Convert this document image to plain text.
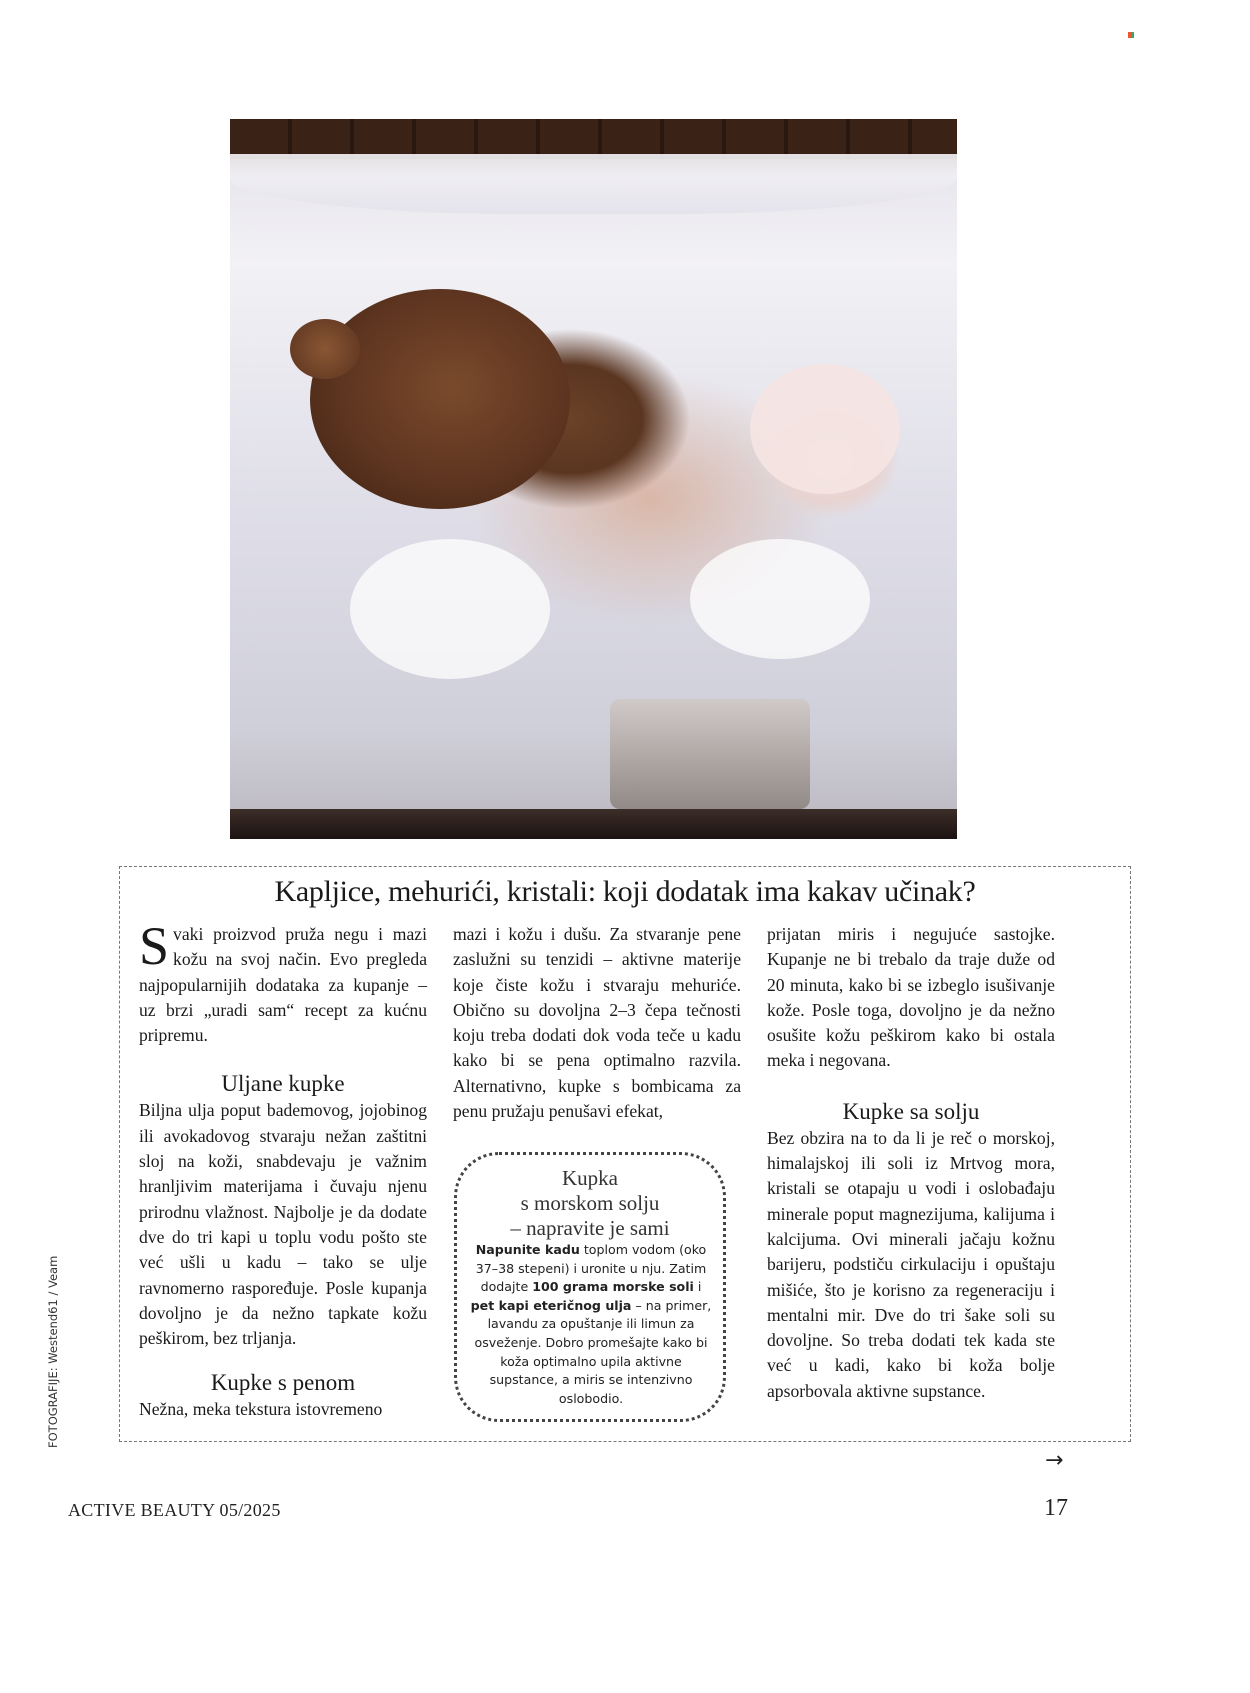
Kapljice, mehurići, kristali: koji dodatak ima kakav učinak?

Svaki proizvod pruža negu i mazi kožu na svoj način. Evo pregleda najpopularnijih dodataka za kupanje – uz brzi „uradi sam“ recept za kućnu pripremu.

Uljane kupke

Biljna ulja poput bademovog, jojobinog ili avokadovog stvaraju nežan zaštitni sloj na koži, snabdevaju je važnim hranljivim materijama i čuvaju njenu prirodnu vlažnost. Najbolje je da dodate dve do tri kapi u toplu vodu pošto ste već ušli u kadu – tako se ulje ravnomerno raspoređuje. Posle kupanja dovoljno je da nežno tapkate kožu peškirom, bez trljanja.

Kupke s penom

Nežna, meka tekstura istovremeno

mazi i kožu i dušu. Za stvaranje pene zaslužni su tenzidi – aktivne materije koje čiste kožu i stvaraju mehuriće. Obično su dovoljna 2–3 čepa tečnosti koju treba dodati dok voda teče u kadu kako bi se pena optimalno razvila. Alternativno, kupke s bombicama za penu pružaju penušavi efekat,

Kupka
s morskom solju
– napravite je sami
Napunite kadu toplom vodom (oko 37–38 stepeni) i uronite u nju. Zatim dodajte 100 grama morske soli i pet kapi eteričnog ulja – na primer, lavandu za opuštanje ili limun za osveženje. Dobro promešajte kako bi koža optimalno upila aktivne supstance, a miris se intenzivno oslobodio.

prijatan miris i negujuće sastojke. Kupanje ne bi trebalo da traje duže od 20 minuta, kako bi se izbeglo isušivanje kože. Posle toga, dovoljno je da nežno osušite kožu peškirom kako bi ostala meka i negovana.

Kupke sa solju

Bez obzira na to da li je reč o morskoj, himalajskoj ili soli iz Mrtvog mora, kristali se otapaju u vodi i oslobađaju minerale poput magnezijuma, kalijuma i kalcijuma. Ovi minerali jačaju kožnu barijeru, podstiču cirkulaciju i opuštaju mišiće, što je korisno za regeneraciju i mentalni mir. Dve do tri šake soli su dovoljne. So treba dodati tek kada ste već u kadi, kako bi koža bolje apsorbovala aktivne supstance.

FOTOGRAFIJE: Westend61 / Veam
→
ACTIVE BEAUTY 05/2025	17
